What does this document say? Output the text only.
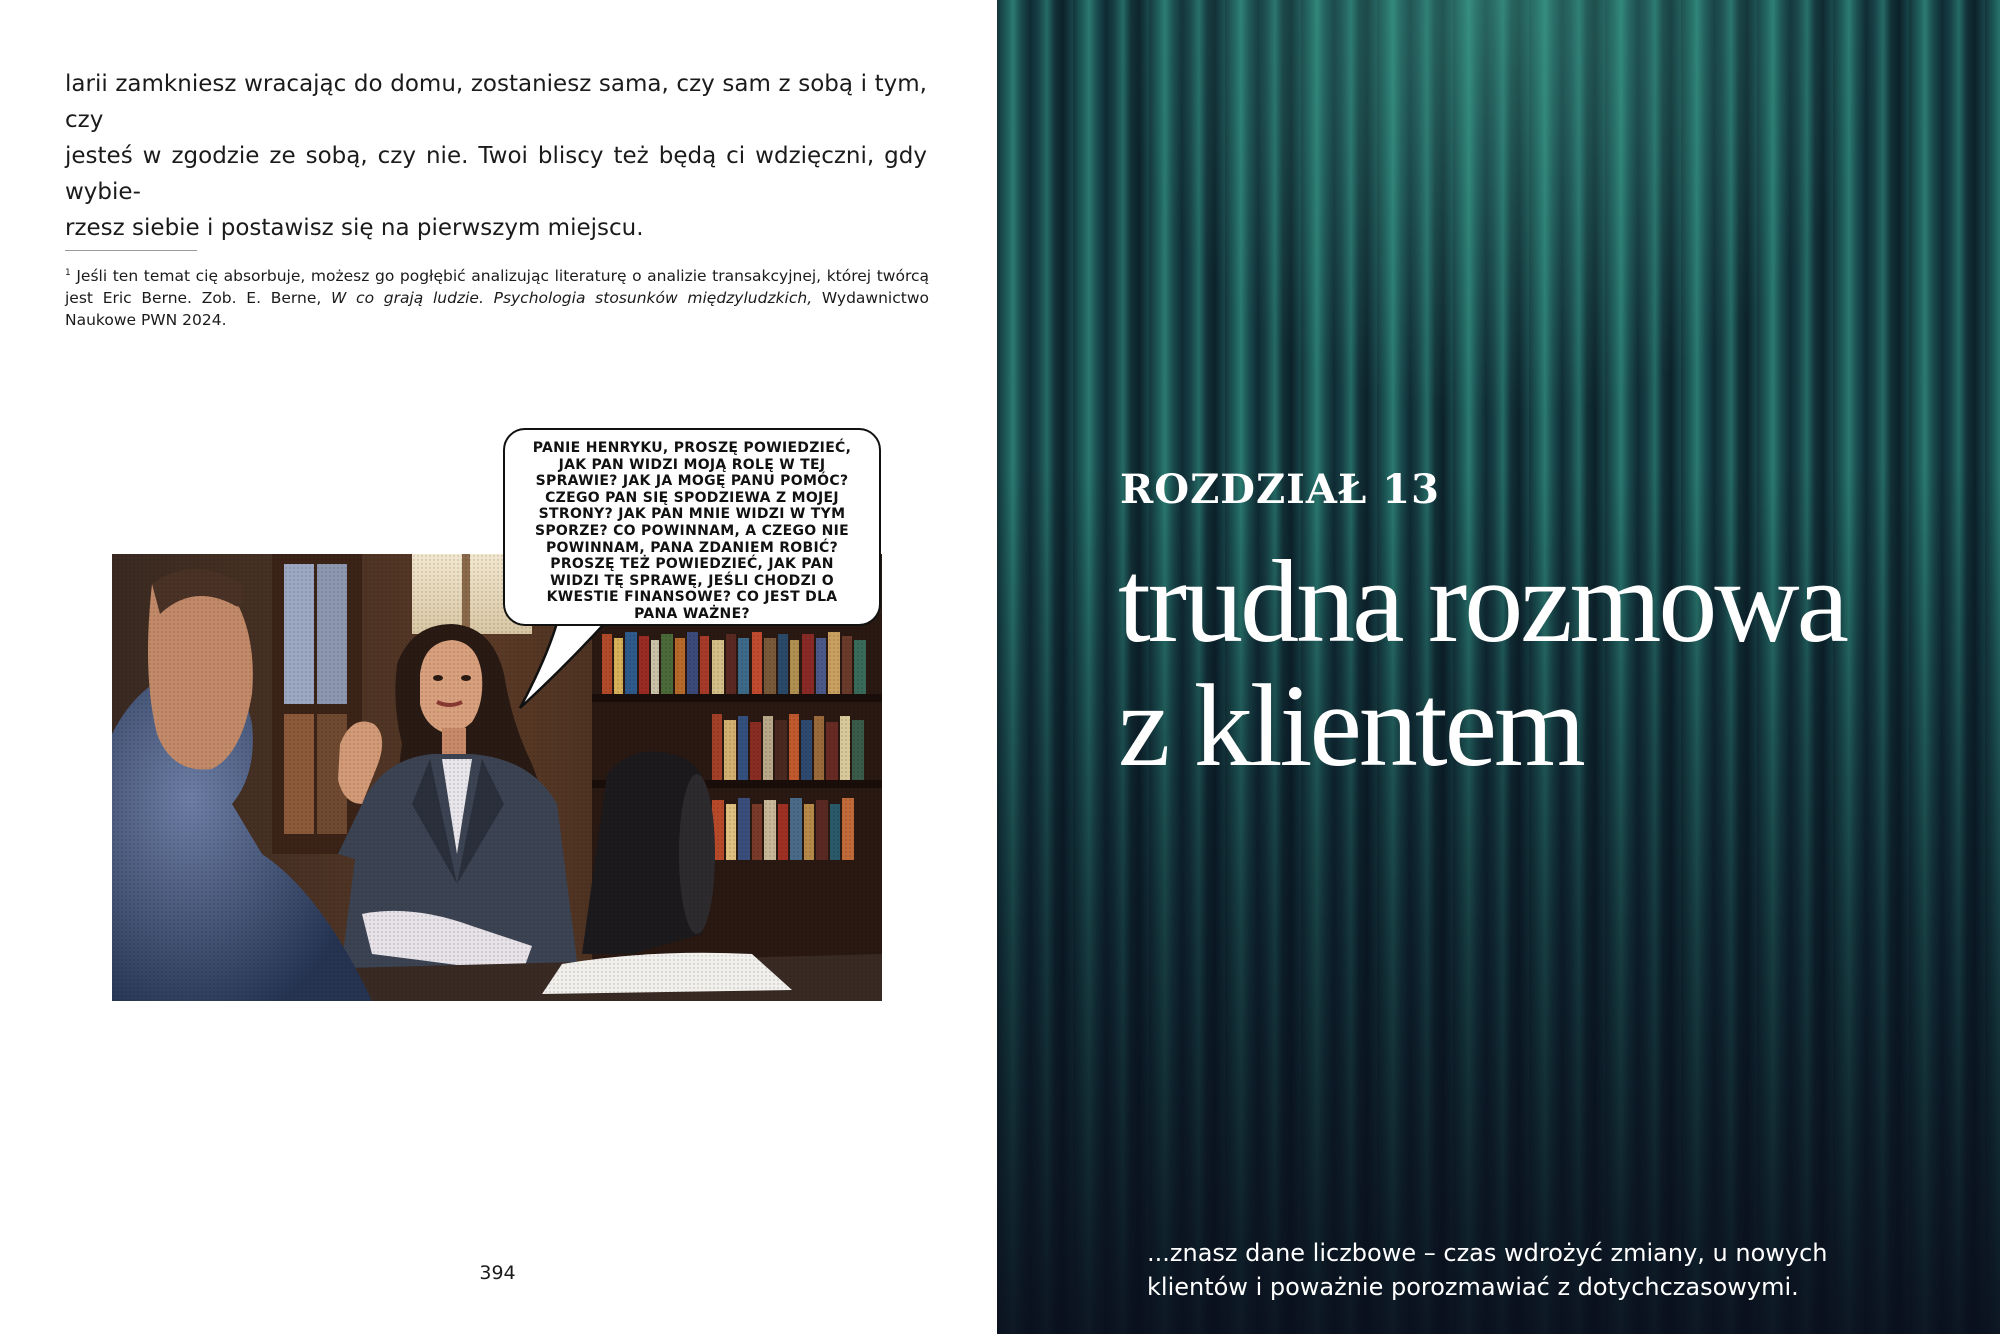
larii zamkniesz wracając do domu, zostaniesz sama, czy sam z sobą i tym, czy
jesteś w zgodzie ze sobą, czy nie. Twoi bliscy też będą ci wdzięczni, gdy wybie-
rzesz siebie i postawisz się na pierwszym miejscu.

$^1$ Jeśli ten temat cię absorbuje, możesz go pogłębić analizując literaturę o analizie transakcyjnej, której twórcą jest Eric Berne. Zob. E. Berne, W co grają ludzie. Psychologia stosunków międzyludzkich, Wydawnictwo Naukowe PWN 2024.

PANIE HENRYKU, PROSZĘ POWIEDZIEĆ,
JAK PAN WIDZI MOJĄ ROLĘ W TEJ
SPRAWIE? JAK JA MOGĘ PANU POMÓC?
CZEGO PAN SIĘ SPODZIEWA Z MOJEJ
STRONY? JAK PAN MNIE WIDZI W TYM
SPORZE? CO POWINNAM, A CZEGO NIE
POWINNAM, PANA ZDANIEM ROBIĆ?
PROSZĘ TEŻ POWIEDZIEĆ, JAK PAN
WIDZI TĘ SPRAWĘ, JEŚLI CHODZI O
KWESTIE FINANSOWE? CO JEST DLA
PANA WAŻNE?
394

ROZDZIAŁ 13

trudna rozmowa
z klientem

...znasz dane liczbowe – czas wdrożyć zmiany, u nowych
klientów i poważnie porozmawiać z dotychczasowymi.
